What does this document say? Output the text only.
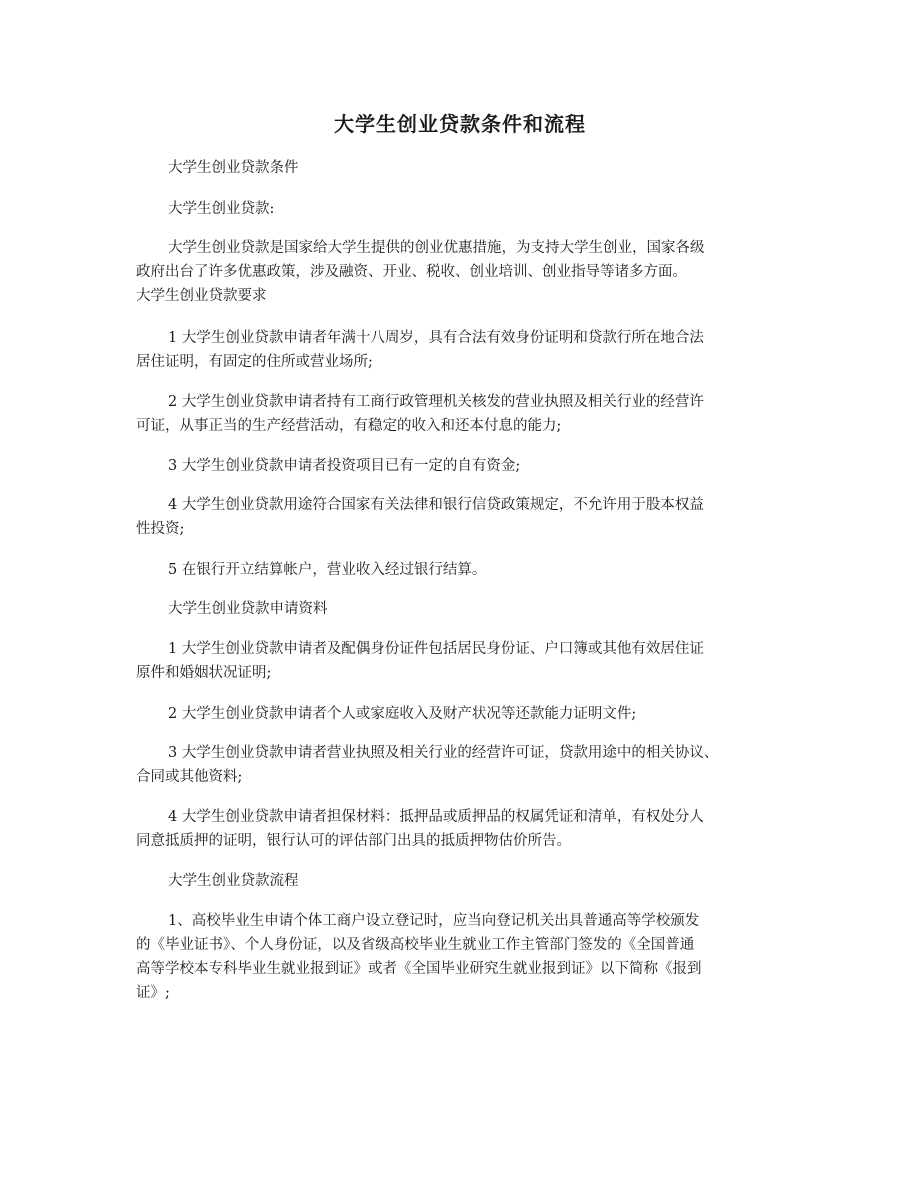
大学生创业贷款条件和流程
大学生创业贷款条件
大学生创业贷款:
大学生创业贷款是国家给大学生提供的创业优惠措施，为支持大学生创业，国家各级
政府出台了许多优惠政策，涉及融资、开业、税收、创业培训、创业指导等诸多方面。
大学生创业贷款要求
1 大学生创业贷款申请者年满十八周岁，具有合法有效身份证明和贷款行所在地合法
居住证明，有固定的住所或营业场所;
2 大学生创业贷款申请者持有工商行政管理机关核发的营业执照及相关行业的经营许
可证，从事正当的生产经营活动，有稳定的收入和还本付息的能力;
3 大学生创业贷款申请者投资项目已有一定的自有资金;
4 大学生创业贷款用途符合国家有关法律和银行信贷政策规定，不允许用于股本权益
性投资;
5 在银行开立结算帐户，营业收入经过银行结算。
大学生创业贷款申请资料
1 大学生创业贷款申请者及配偶身份证件包括居民身份证、户口簿或其他有效居住证
原件和婚姻状况证明;
2 大学生创业贷款申请者个人或家庭收入及财产状况等还款能力证明文件;
3 大学生创业贷款申请者营业执照及相关行业的经营许可证，贷款用途中的相关协议、
合同或其他资料;
4 大学生创业贷款申请者担保材料：抵押品或质押品的权属凭证和清单，有权处分人
同意抵质押的证明，银行认可的评估部门出具的抵质押物估价所告。
大学生创业贷款流程
1、高校毕业生申请个体工商户设立登记时，应当向登记机关出具普通高等学校颁发
的《毕业证书》、个人身份证，以及省级高校毕业生就业工作主管部门签发的《全国普通
高等学校本专科毕业生就业报到证》或者《全国毕业研究生就业报到证》以下简称《报到
证》;
